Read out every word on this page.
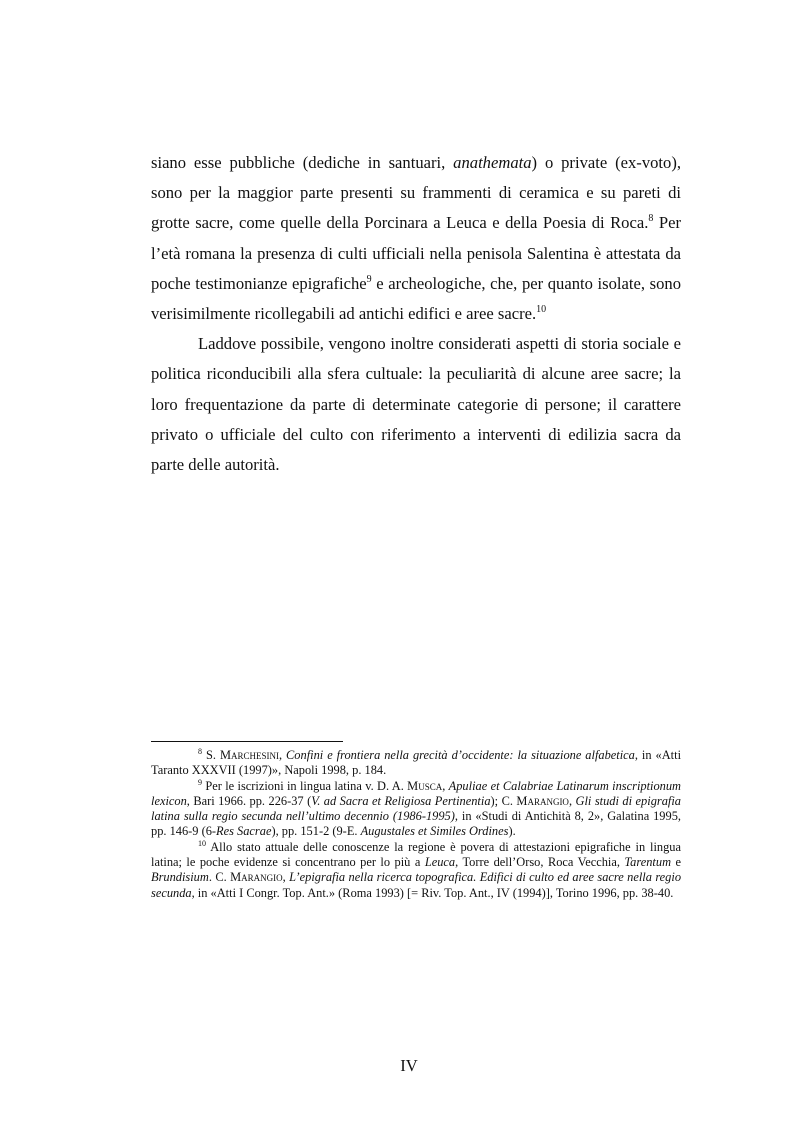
siano esse pubbliche (dediche in santuari, anathemata) o private (ex-voto), sono per la maggior parte presenti su frammenti di ceramica e su pareti di grotte sacre, come quelle della Porcinara a Leuca e della Poesia di Roca.$^8$ Per l’età romana la presenza di culti ufficiali nella penisola Salentina è attestata da poche testimonianze epigrafiche$^9$ e archeologiche, che, per quanto isolate, sono verisimilmente ricollegabili ad antichi edifici e aree sacre.$^{10}$

Laddove possibile, vengono inoltre considerati aspetti di storia sociale e politica riconducibili alla sfera cultuale: la peculiarità di alcune aree sacre; la loro frequentazione da parte di determinate categorie di persone; il carattere privato o ufficiale del culto con riferimento a interventi di edilizia sacra da parte delle autorità.

$^8$ S. Marchesini, Confini e frontiera nella grecità d’occidente: la situazione alfabetica, in «Atti Taranto XXXVII (1997)», Napoli 1998, p. 184.

$^9$ Per le iscrizioni in lingua latina v. D. A. Musca, Apuliae et Calabriae Latinarum inscriptionum lexicon, Bari 1966. pp. 226-37 (V. ad Sacra et Religiosa Pertinentia); C. Marangio, Gli studi di epigrafia latina sulla regio secunda nell’ultimo decennio (1986-1995), in «Studi di Antichità 8, 2», Galatina 1995, pp. 146-9 (6-Res Sacrae), pp. 151-2 (9-E. Augustales et Similes Ordines).

$^{10}$ Allo stato attuale delle conoscenze la regione è povera di attestazioni epigrafiche in lingua latina; le poche evidenze si concentrano per lo più a Leuca, Torre dell’Orso, Roca Vecchia, Tarentum e Brundisium. C. Marangio, L’epigrafia nella ricerca topografica. Edifici di culto ed aree sacre nella regio secunda, in «Atti I Congr. Top. Ant.» (Roma 1993) [= Riv. Top. Ant., IV (1994)], Torino 1996, pp. 38-40.

IV
